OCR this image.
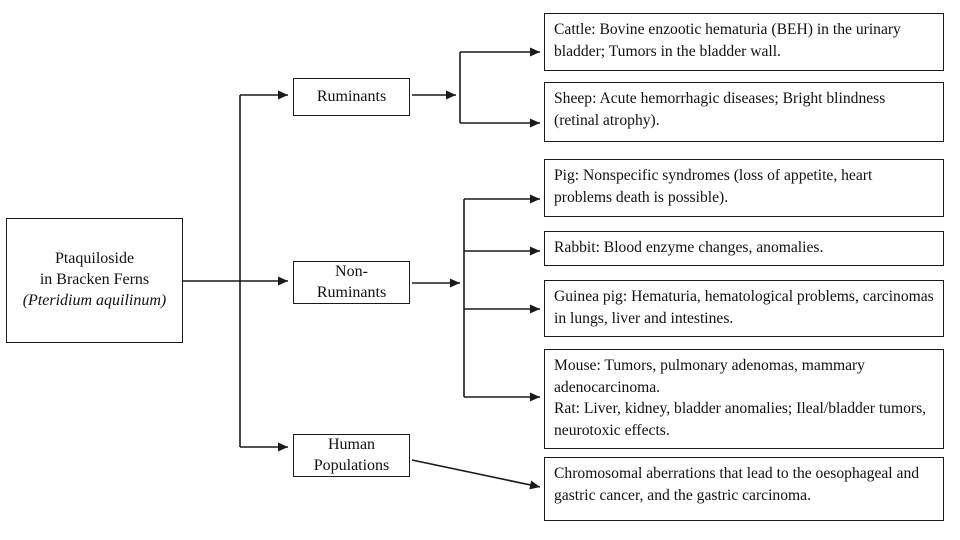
Ptaquiloside
in Bracken Ferns
(Pteridium aquilinum)
Ruminants
Non-
Ruminants
Human
Populations
Cattle: Bovine enzootic hematuria (BEH) in the urinary bladder; Tumors in the bladder wall.
Sheep: Acute hemorrhagic diseases; Bright blindness (retinal atrophy).
Pig: Nonspecific syndromes (loss of appetite, heart problems death is possible).
Rabbit: Blood enzyme changes, anomalies.
Guinea pig: Hematuria, hematological problems, carcinomas in lungs, liver and intestines.
Mouse: Tumors, pulmonary adenomas, mammary adenocarcinoma.
Rat: Liver, kidney, bladder anomalies; Ileal/bladder tumors, neurotoxic effects.
Chromosomal aberrations that lead to the oesophageal and gastric cancer, and the gastric carcinoma.
